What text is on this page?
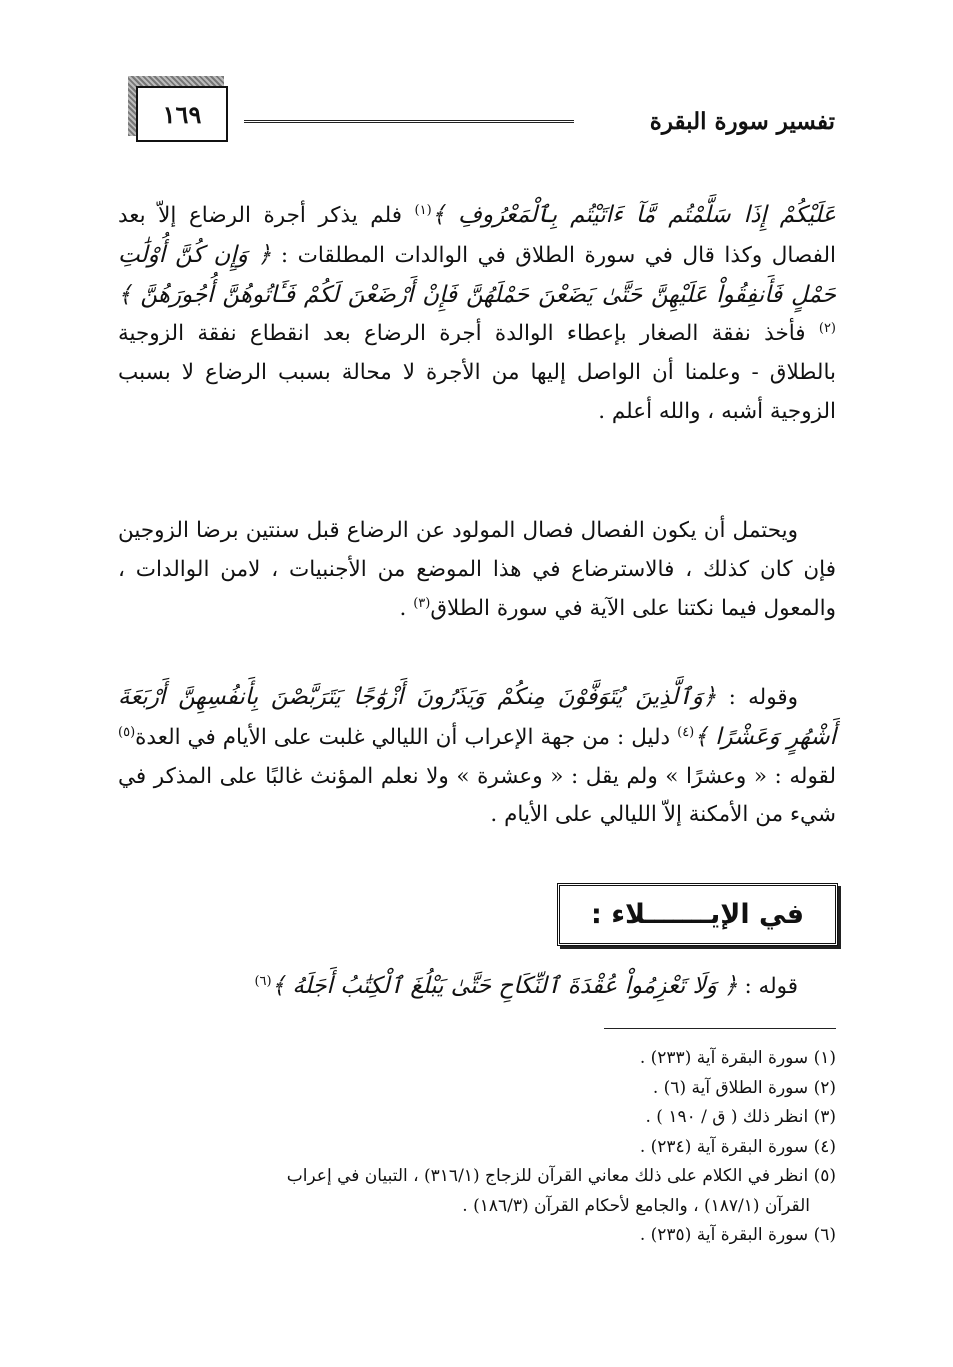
تفسير سورة البقرة
١٦٩

عَلَيْكُمْ إِذَا سَلَّمْتُم مَّآ ءَاتَيْتُم بِٱلْمَعْرُوفِ ﴾$^{(١)}$ فلم يذكر أجرة الرضاع إلاّ بعد الفصال وكذا قال في سورة الطلاق في الوالدات المطلقات : ﴿ وَإِن كُنَّ أُوْلَٰتِ حَمْلٍ فَأَنفِقُواْ عَلَيْهِنَّ حَتَّىٰ يَضَعْنَ حَمْلَهُنَّ فَإِنْ أَرْضَعْنَ لَكُمْ فَـَٔاتُوهُنَّ أُجُورَهُنَّ ﴾$^{(٢)}$ فأخذ نفقة الصغار بإعطاء الوالدة أجرة الرضاع بعد انقطاع نفقة الزوجية بالطلاق - وعلمنا أن الواصل إليها من الأجرة لا محالة بسبب الرضاع لا بسبب الزوجية أشبه ، والله أعلم .

ويحتمل أن يكون الفصال فصال المولود عن الرضاع قبل سنتين برضا الزوجين فإن كان كذلك ، فالاسترضاع في هذا الموضع من الأجنبيات ، لامن الوالدات ، والمعول فيما نكتنا على الآية في سورة الطلاق$^{(٣)}$ .

وقوله : ﴿وَٱلَّذِينَ يُتَوَفَّوْنَ مِنكُمْ وَيَذَرُونَ أَزْوَٰجًا يَتَرَبَّصْنَ بِأَنفُسِهِنَّ أَرْبَعَةَ أَشْهُرٍ وَعَشْرًا ﴾$^{(٤)}$ دليل : من جهة الإعراب أن الليالي غلبت على الأيام في العدة$^{(٥)}$ لقوله : « وعشرًا » ولم يقل : « وعشرة » ولا نعلم المؤنث غالبًا على المذكر في شيء من الأمكنة إلاّ الليالي على الأيام .

في الإيـــــــلاء :

قوله : ﴿ وَلَا تَعْزِمُواْ عُقْدَةَ ٱلنِّكَاحِ حَتَّىٰ يَبْلُغَ ٱلْكِتَٰبُ أَجَلَهُ ﴾$^{(٦)}$

(١) سورة البقرة آية (٢٣٣) .

(٢) سورة الطلاق آية (٦) .

(٣) انظر ذلك ( ق / ١٩٠ ) .

(٤) سورة البقرة آية (٢٣٤) .

(٥) انظر في الكلام على ذلك معاني القرآن للزجاج (٣١٦/١) ، التبيان في إعراب

القرآن (١٨٧/١) ، والجامع لأحكام القرآن (١٨٦/٣) .

(٦) سورة البقرة آية (٢٣٥) .
